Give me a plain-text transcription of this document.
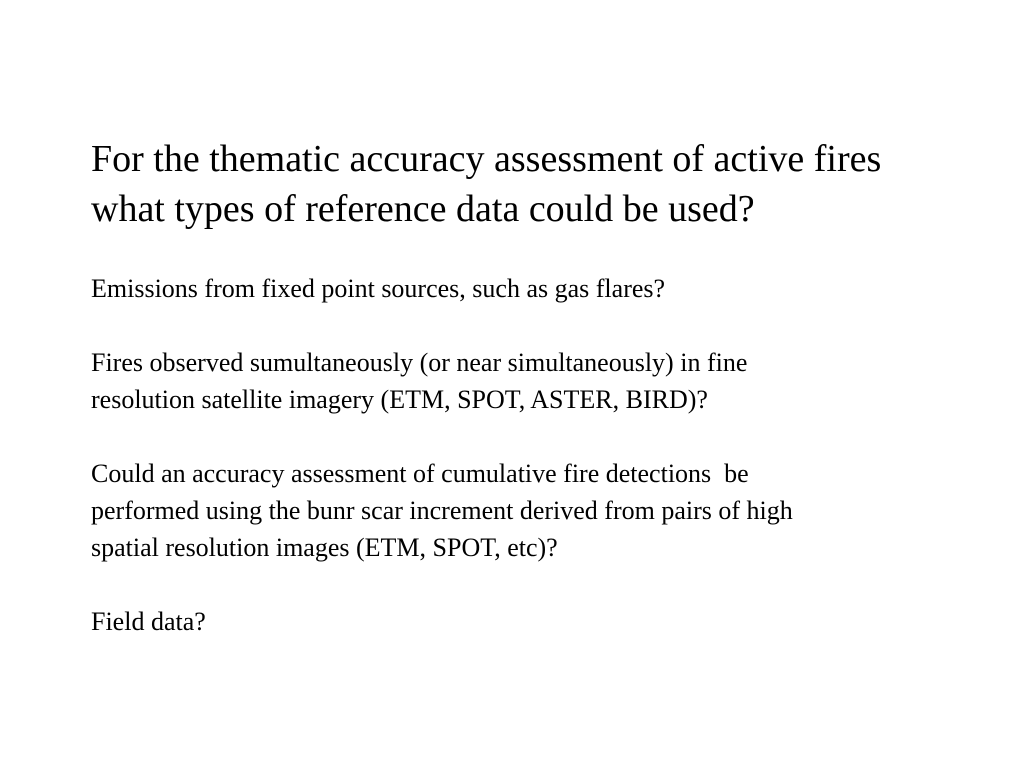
For the thematic accuracy assessment of active fires

what types of reference data could be used?

Emissions from fixed point sources, such as gas flares?

Fires observed sumultaneously (or near simultaneously) in fine

resolution satellite imagery (ETM, SPOT, ASTER, BIRD)?

Could an accuracy assessment of cumulative fire detections  be

performed using the bunr scar increment derived from pairs of high

spatial resolution images (ETM, SPOT, etc)?

Field data?
